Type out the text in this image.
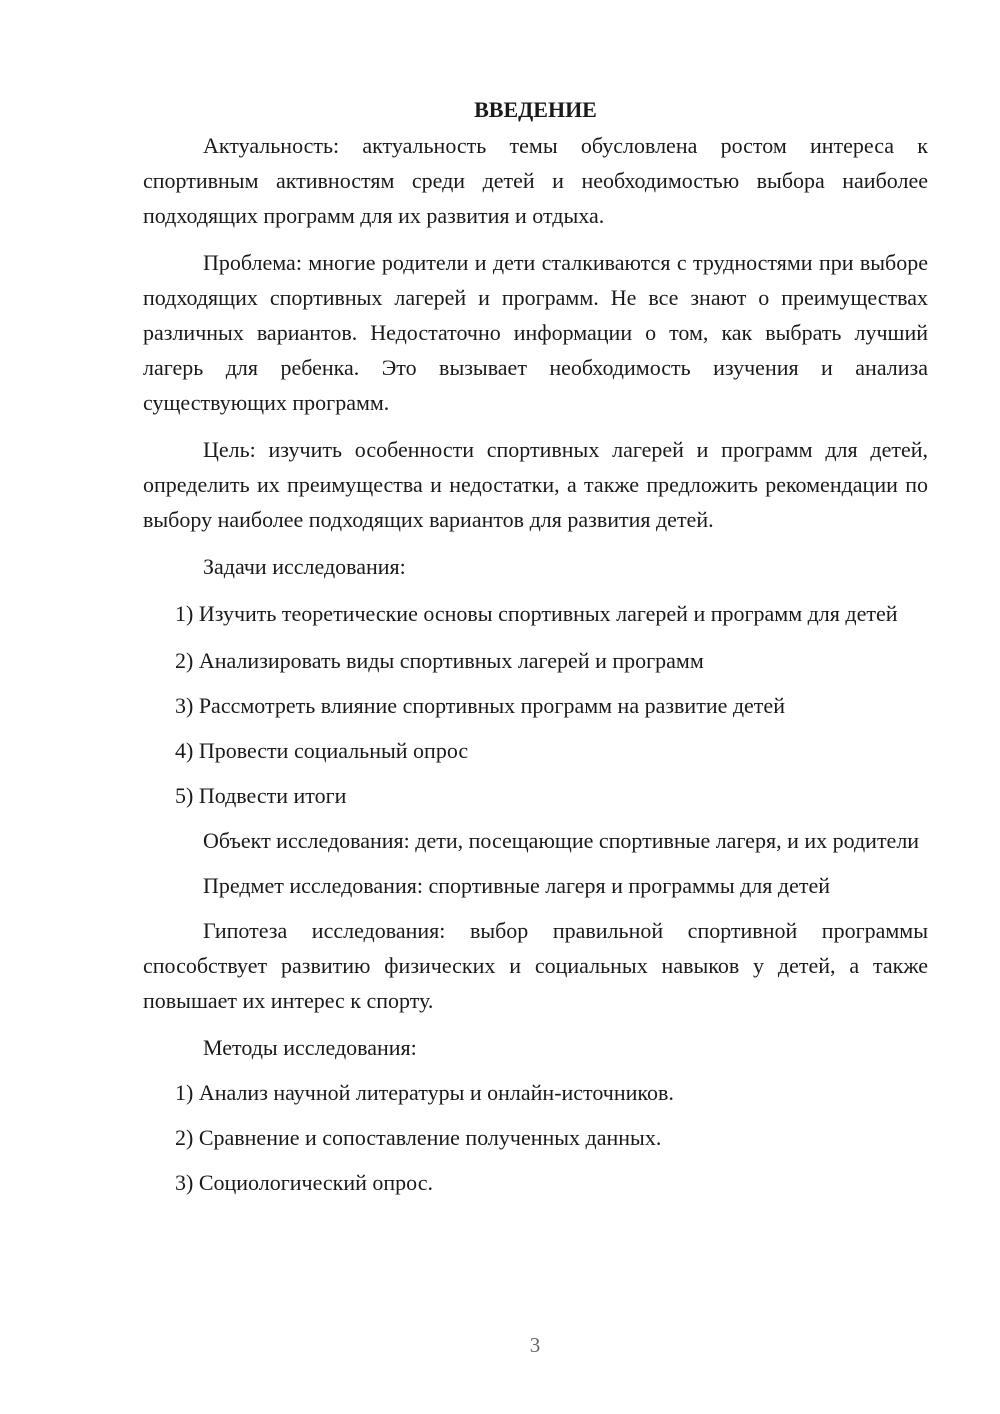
ВВЕДЕНИЕ

Актуальность: актуальность темы обусловлена ростом интереса к спортивным активностям среди детей и необходимостью выбора наиболее подходящих программ для их развития и отдыха.

Проблема: многие родители и дети сталкиваются с трудностями при выборе подходящих спортивных лагерей и программ. Не все знают о преимуществах различных вариантов. Недостаточно информации о том, как выбрать лучший лагерь для ребенка. Это вызывает необходимость изучения и анализа существующих программ.

Цель: изучить особенности спортивных лагерей и программ для детей, определить их преимущества и недостатки, а также предложить рекомендации по выбору наиболее подходящих вариантов для развития детей.

Задачи исследования:

1) Изучить теоретические основы спортивных лагерей и программ для детей

2) Анализировать виды спортивных лагерей и программ

3) Рассмотреть влияние спортивных программ на развитие детей

4) Провести социальный опрос

5) Подвести итоги

Объект исследования: дети, посещающие спортивные лагеря, и их родители

Предмет исследования: спортивные лагеря и программы для детей

Гипотеза исследования: выбор правильной спортивной программы способствует развитию физических и социальных навыков у детей, а также повышает их интерес к спорту.

Методы исследования:

1) Анализ научной литературы и онлайн-источников.

2) Сравнение и сопоставление полученных данных.

3) Социологический опрос.

3
